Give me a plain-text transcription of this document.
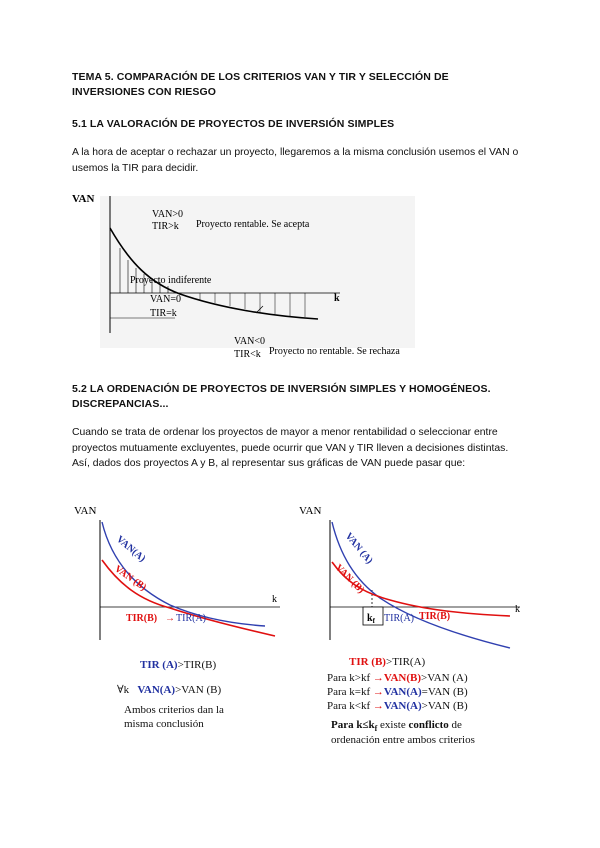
TEMA 5. COMPARACIÓN DE LOS CRITERIOS VAN Y TIR Y SELECCIÓN DE INVERSIONES CON RIESGO
5.1 LA VALORACIÓN DE PROYECTOS DE INVERSIÓN SIMPLES
A la hora de aceptar o rechazar un proyecto, llegaremos a la misma conclusión usemos el VAN o usemos la TIR para decidir.
VAN
k
VAN>0
TIR>k Proyecto rentable. Se acepta
Proyecto indiferente
VAN=0
TIR=k
VAN<0
TIR<k Proyecto no rentable. Se rechaza
5.2 LA ORDENACIÓN DE PROYECTOS DE INVERSIÓN SIMPLES Y HOMOGÉNEOS. DISCREPANCIAS...
Cuando se trata de ordenar los proyectos de mayor a menor rentabilidad o seleccionar entre proyectos mutuamente excluyentes, puede ocurrir que VAN y TIR lleven a decisiones distintas. Así, dados dos proyectos A y B, al representar sus gráficas de VAN puede pasar que:
VAN
k
VAN(A)
VAN (B)
TIR(B) → TIR(A)
TIR (A)>TIR(B)
∀k VAN(A)>VAN (B)
Ambos criterios dan la
misma conclusión
VAN
k
VAN (A)
VAN (B)
$k_f$ TIR(A) TIR(B)
TIR (B)>TIR(A)
Para k>kf →VAN(B)>VAN (A)
Para k=kf →VAN(A)=VAN (B)
Para k<kf →VAN(A)>VAN (B)
Para $k\le k_f$ existe conflicto de
ordenación entre ambos criterios
